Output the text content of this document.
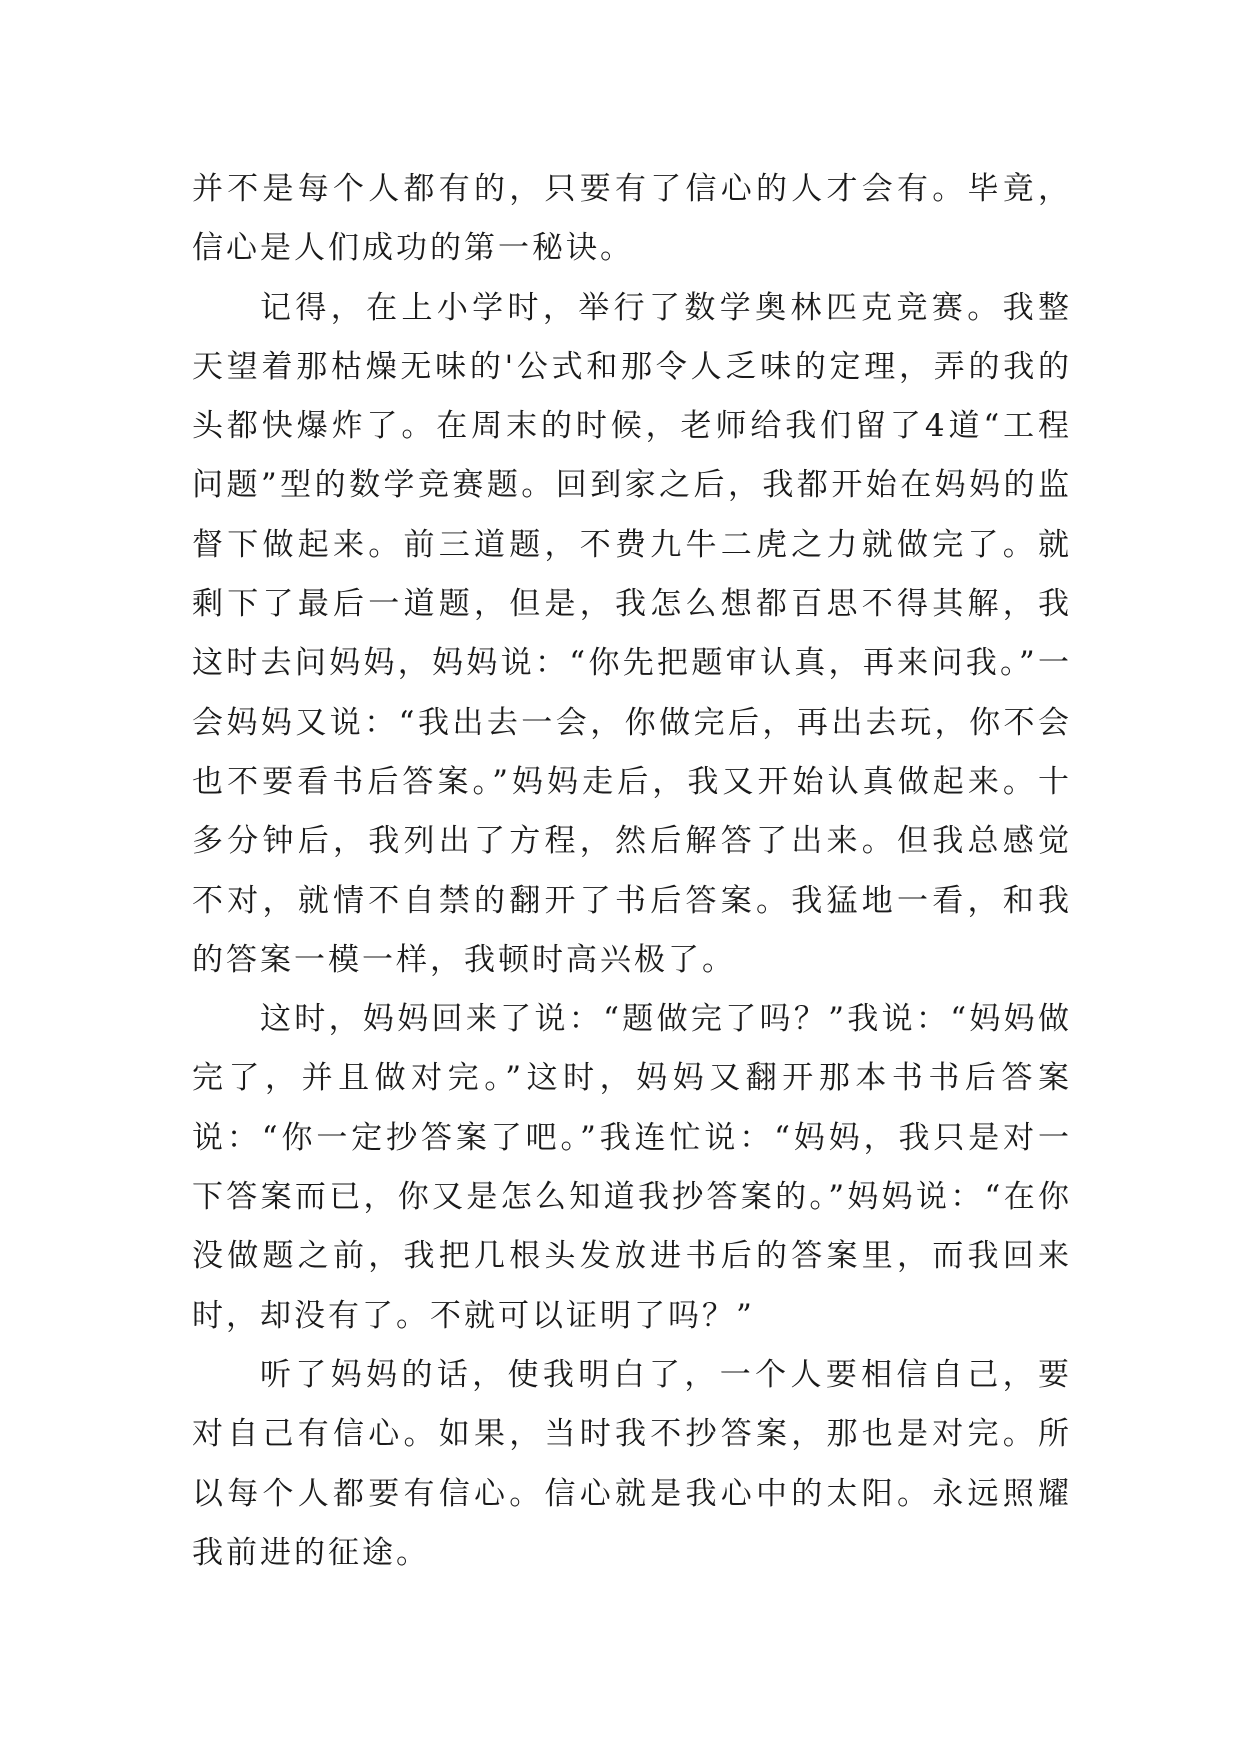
并不是每个人都有的，只要有了信心的人才会有。毕竟，信心是人们成功的第一秘诀。

记得，在上小学时，举行了数学奥林匹克竞赛。我整天望着那枯燥无味的'公式和那令人乏味的定理，弄的我的头都快爆炸了。在周末的时候，老师给我们留了4道“工程问题”型的数学竞赛题。回到家之后，我都开始在妈妈的监督下做起来。前三道题，不费九牛二虎之力就做完了。就剩下了最后一道题，但是，我怎么想都百思不得其解，我这时去问妈妈，妈妈说：“你先把题审认真，再来问我。”一会妈妈又说：“我出去一会，你做完后，再出去玩，你不会也不要看书后答案。”妈妈走后，我又开始认真做起来。十多分钟后，我列出了方程，然后解答了出来。但我总感觉不对，就情不自禁的翻开了书后答案。我猛地一看，和我的答案一模一样，我顿时高兴极了。

这时，妈妈回来了说：“题做完了吗？”我说：“妈妈做完了，并且做对完。”这时，妈妈又翻开那本书书后答案说：“你一定抄答案了吧。”我连忙说：“妈妈，我只是对一下答案而已，你又是怎么知道我抄答案的。”妈妈说：“在你没做题之前，我把几根头发放进书后的答案里，而我回来时，却没有了。不就可以证明了吗？”

听了妈妈的话，使我明白了，一个人要相信自己，要对自己有信心。如果，当时我不抄答案，那也是对完。所以每个人都要有信心。信心就是我心中的太阳。永远照耀我前进的征途。
